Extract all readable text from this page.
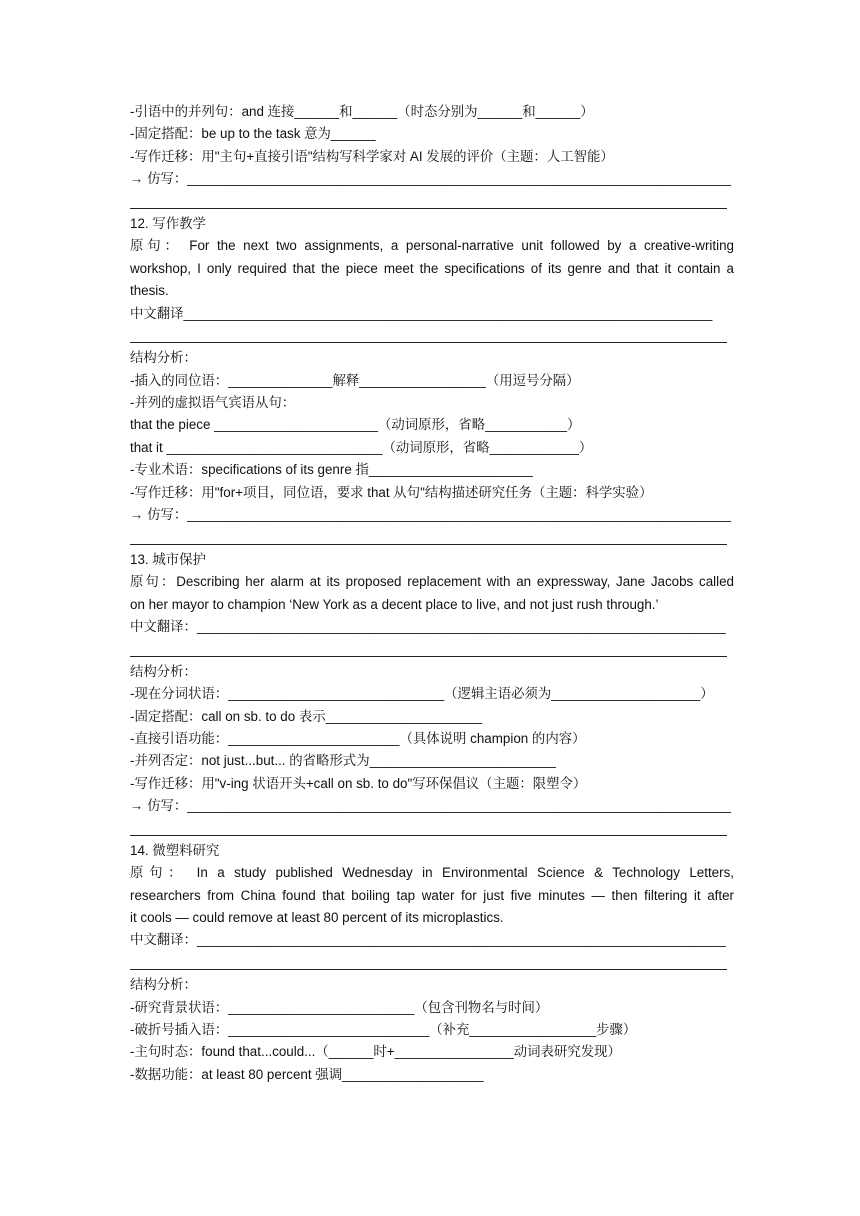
-引语中的并列句：and 连接______和______（时态分别为______和______）
-固定搭配：be up to the task 意为______
-写作迁移：用"主句+直接引语"结构写科学家对 AI 发展的评价（主题：人工智能）
→ 仿写：_________________________________________________________________________
12. 写作教学
原句： For the next two assignments, a personal-narrative unit followed by a creative-writing
workshop, I only required that the piece meet the specifications of its genre and that it contain a
thesis.
中文翻译_______________________________________________________________________
结构分析：
-插入的同位语：______________解释_________________（用逗号分隔）
-并列的虚拟语气宾语从句：
that the piece ______________________（动词原形，省略___________）
that it _____________________________（动词原形，省略____________）
-专业术语：specifications of its genre 指______________________
-写作迁移：用"for+项目，同位语，要求 that 从句"结构描述研究任务（主题：科学实验）
→ 仿写：_________________________________________________________________________
13. 城市保护
原句：Describing her alarm at its proposed replacement with an expressway, Jane Jacobs called
on her mayor to champion ‘New York as a decent place to live, and not just rush through.’
中文翻译：_______________________________________________________________________
结构分析：
-现在分词状语：_____________________________（逻辑主语必须为____________________）
-固定搭配：call on sb. to do 表示_____________________
-直接引语功能：_______________________（具体说明 champion 的内容）
-并列否定：not just...but... 的省略形式为_________________________
-写作迁移：用"v-ing 状语开头+call on sb. to do"写环保倡议（主题：限塑令）
→ 仿写：_________________________________________________________________________
14. 微塑料研究
原句： In a study published Wednesday in Environmental Science & Technology Letters,
researchers from China found that boiling tap water for just five minutes — then filtering it after
it cools — could remove at least 80 percent of its microplastics.
中文翻译：_______________________________________________________________________
结构分析：
-研究背景状语：_________________________（包含刊物名与时间）
-破折号插入语：___________________________（补充_________________步骤）
-主句时态：found that...could...（______时+________________动词表研究发现）
-数据功能：at least 80 percent 强调___________________
